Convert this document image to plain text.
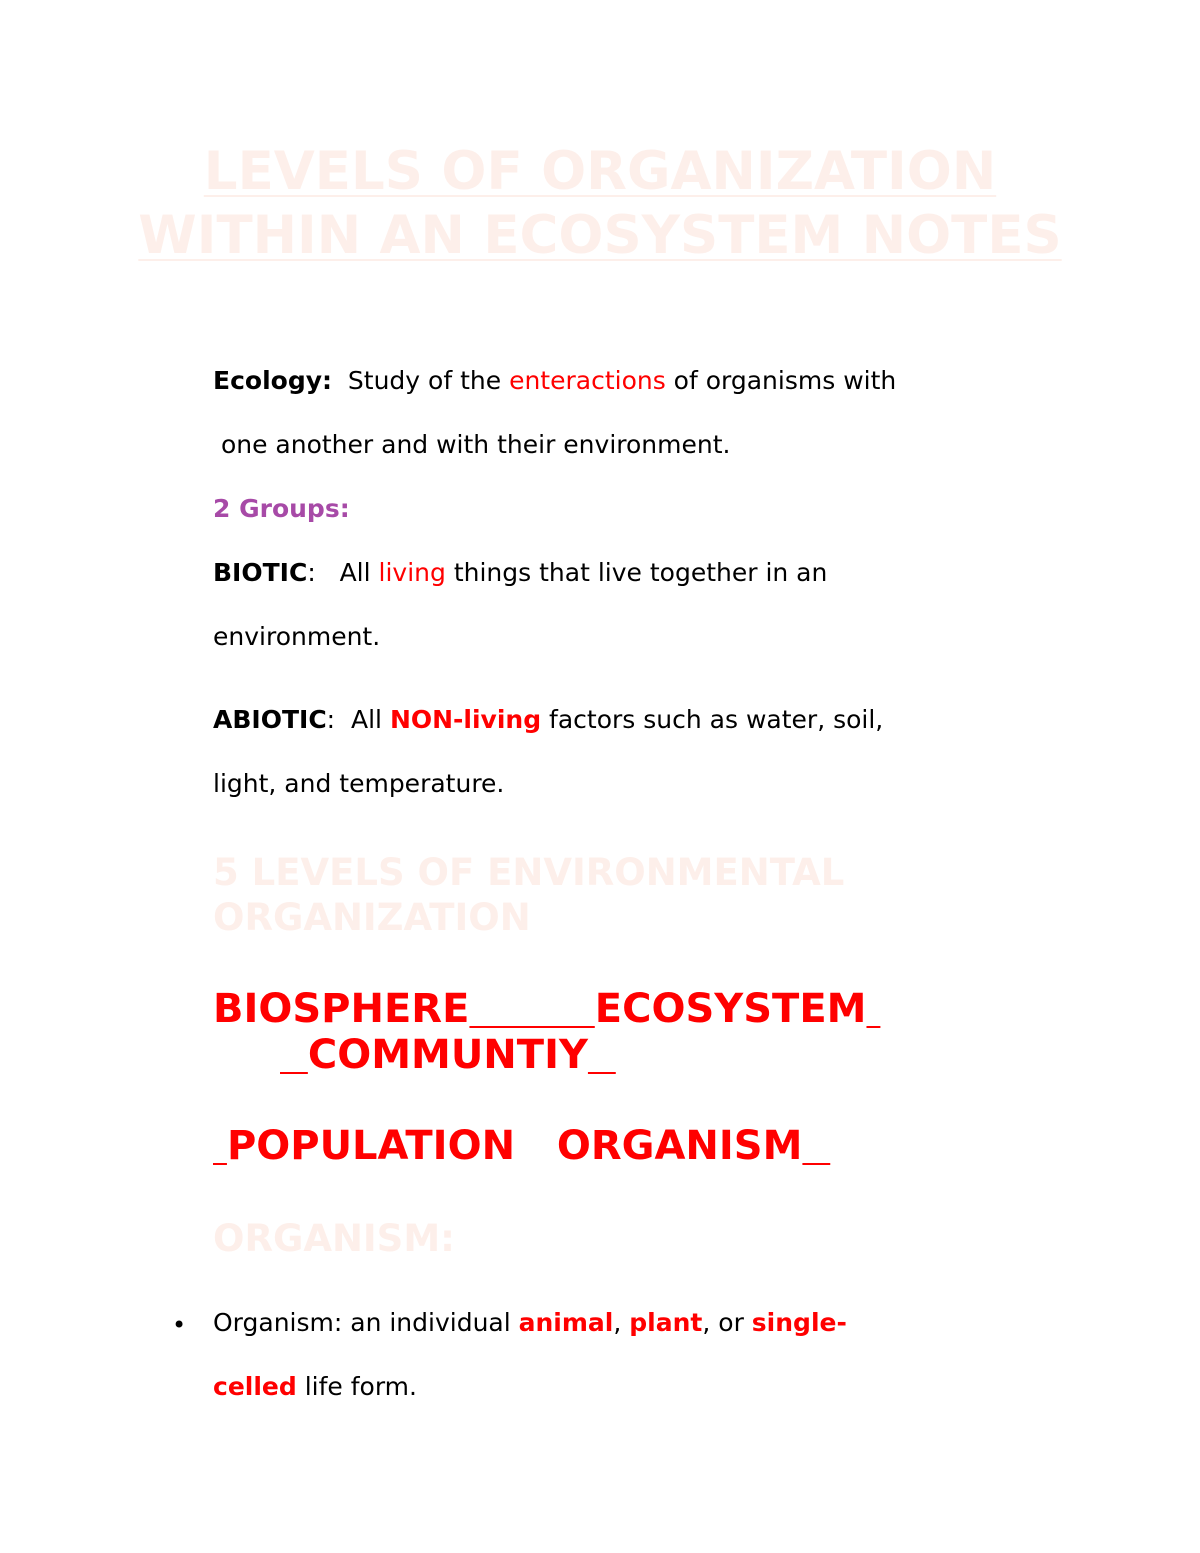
LEVELS OF ORGANIZATION
WITHIN AN ECOSYSTEM NOTES
Ecology:  Study of the enteractions of organisms with
one another and with their environment.
2 Groups:
BIOTIC:   All living things that live together in an
environment.
ABIOTIC:  All NON-living factors such as water, soil,
light, and temperature.
5 LEVELS OF ENVIRONMENTAL
ORGANIZATION
BIOSPHERE	ECOSYSTEM
COMMUNTIY
POPULATION ORGANISM
ORGANISM:
• Organism: an individual animal, plant, or single-
celled life form.
